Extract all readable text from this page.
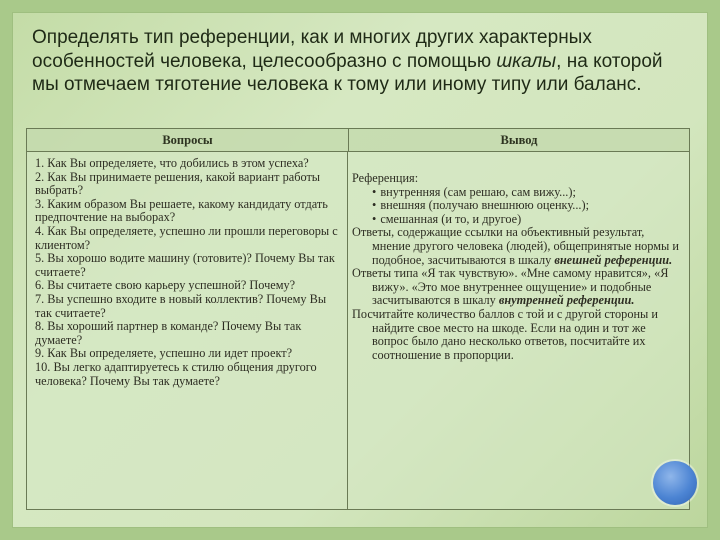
Определять тип референции, как и многих других характерных особенностей человека, целесообразно с помощью шкалы, на которой мы отмечаем тяготение человека к тому или иному типу или баланс.
Вопросы	Вывод

1. Как Вы определяете, что добились в этом успеха?

2. Как Вы принимаете решения, какой вариант работы выбрать?

3. Каким образом Вы решаете, какому кандидату отдать предпочтение на выборах?

4. Как Вы определяете, успешно ли прошли переговоры с клиентом?

5. Вы хорошо водите машину (готовите)? Почему Вы так считаете?

6. Вы считаете свою карьеру успешной? Почему?

7. Вы успешно входите в новый коллектив? Почему Вы так считаете?

8. Вы хороший партнер в команде? Почему Вы так думаете?

9. Как Вы определяете, успешно ли идет проект?

10. Вы легко адаптируетесь к стилю общения другого человека? Почему Вы так думаете?

Референция:

• внутренняя (сам решаю, сам вижу...);

• внешняя (получаю внешнюю оценку...);

• смешанная (и то, и другое)

Ответы, содержащие ссылки на объективный результат, мнение другого человека (людей), общепринятые нормы и подобное, засчитываются в шкалу внешней референции.

Ответы типа «Я так чувствую». «Мне самому нравится», «Я вижу». «Это мое внутреннее ощущение» и подобные засчитываются в шкалу внутренней референции.

Посчитайте количество баллов с той и с другой стороны и найдите свое место на шкоде. Если на один и тот же вопрос было дано несколько ответов, посчитайте их соотношение в пропорции.
